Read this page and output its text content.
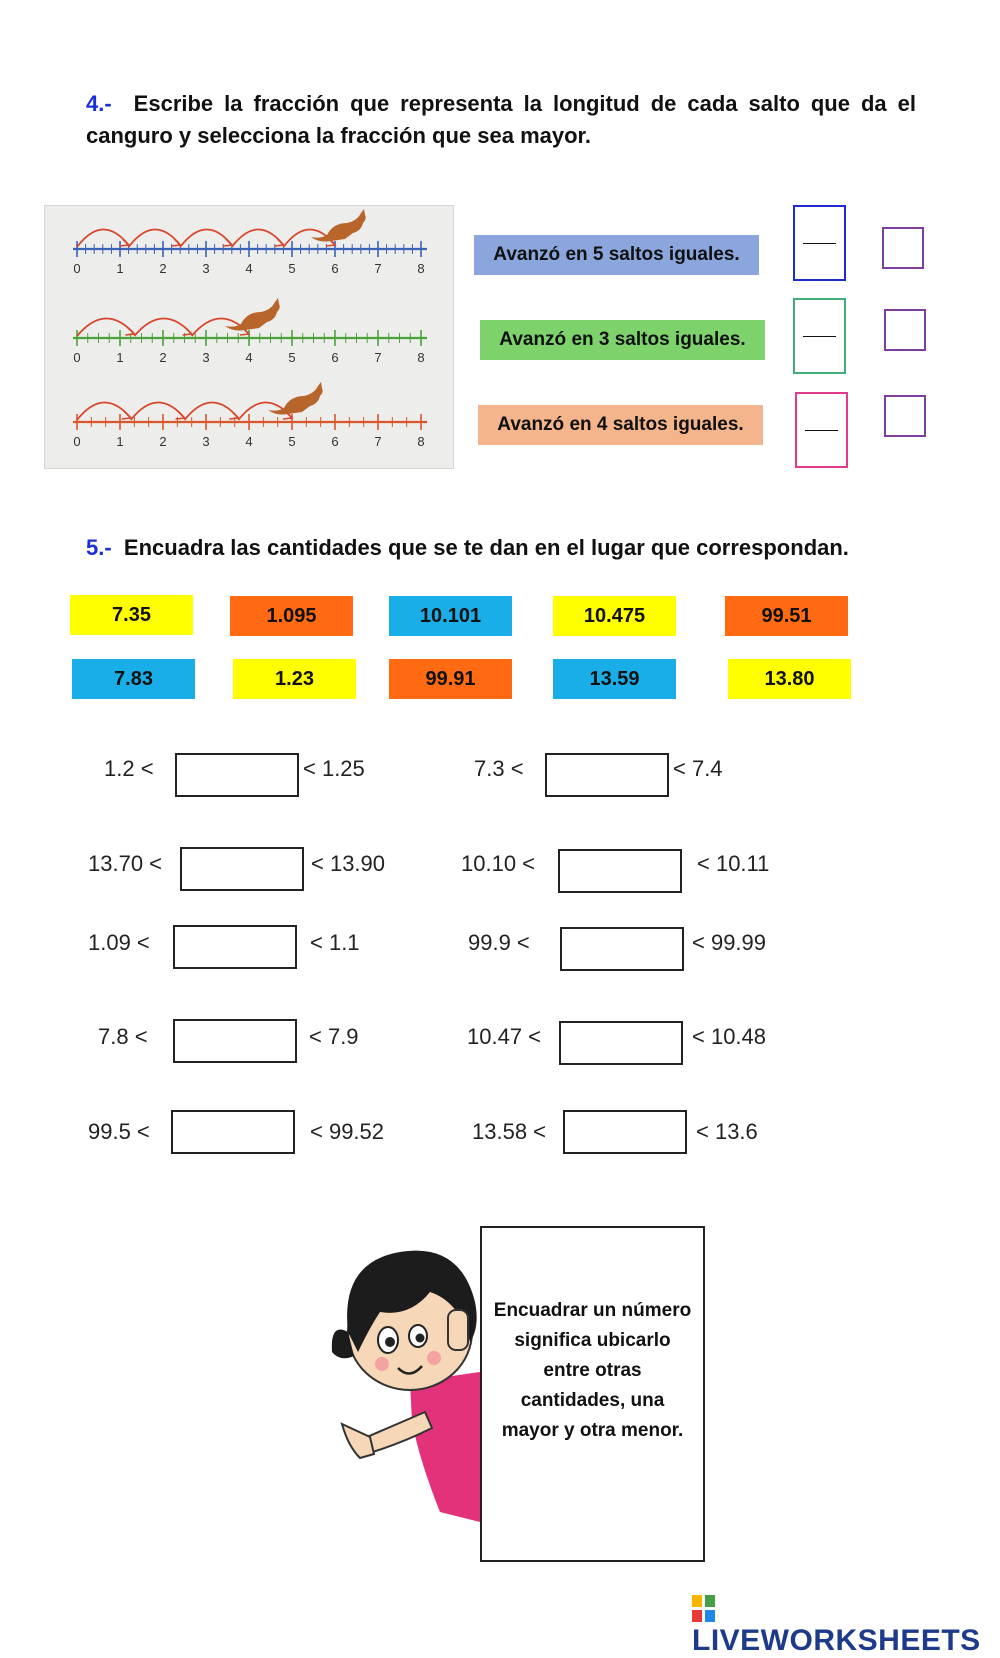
4.- Escribe la fracción que representa la longitud de cada salto que da el canguro y selecciona la fracción que sea mayor.
0	1	2	3	4	5	6	7	8
0	1	2	3	4	5	6	7	8
0	1	2	3	4	5	6	7	8
Avanzó en 5 saltos iguales.
Avanzó en 3 saltos iguales.
Avanzó en 4 saltos iguales.
5.- Encuadra las cantidades que se te dan en el lugar que correspondan.
7.35	1.095	10.101	10.475	99.51
7.83	1.23	99.91	13.59	13.80
1.2 <	< 1.25
13.70 <	< 13.90
1.09 <	< 1.1
7.8 <	< 7.9
99.5 <	< 99.52
7.3 <	< 7.4
10.10 <	< 10.11
99.9 <	< 99.99
10.47 <	< 10.48
13.58 <	< 13.6
Encuadrar un número significa ubicarlo entre otras cantidades, una mayor y otra menor.
LIVEWORKSHEETS
